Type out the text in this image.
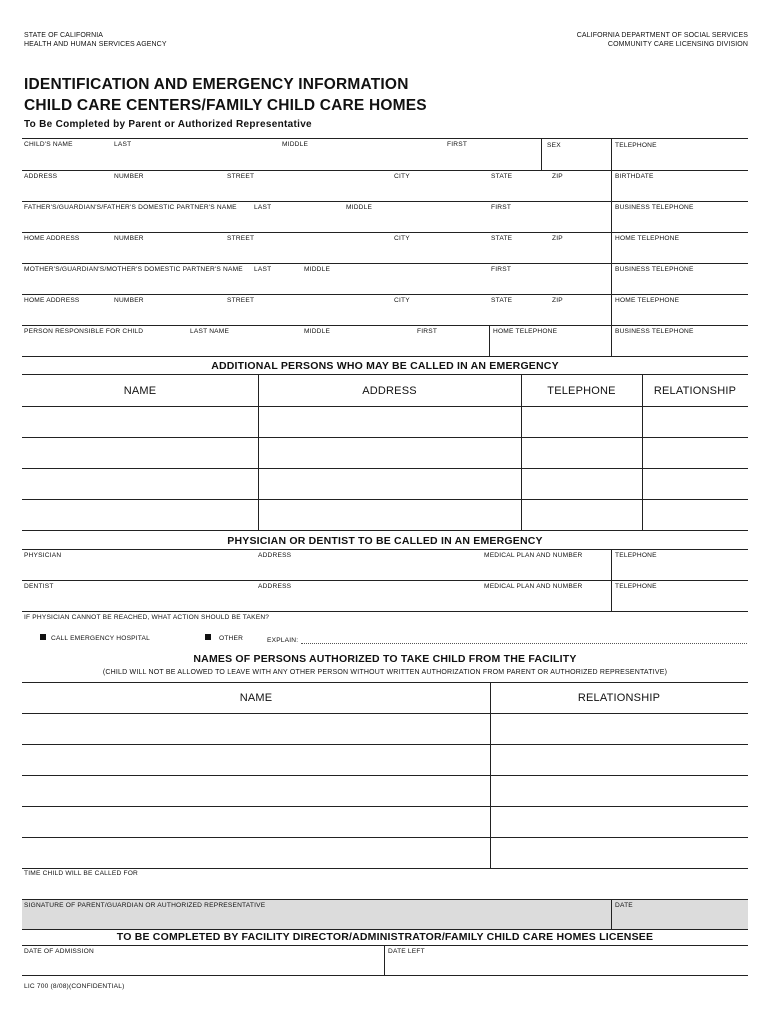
STATE OF CALIFORNIA
HEALTH AND HUMAN SERVICES AGENCY
CALIFORNIA DEPARTMENT OF SOCIAL SERVICES
COMMUNITY CARE LICENSING DIVISION
IDENTIFICATION AND EMERGENCY INFORMATION
CHILD CARE CENTERS/FAMILY CHILD CARE HOMES
To Be Completed by Parent or Authorized Representative
CHILD'S NAME	LAST	MIDDLE	FIRST	SEX	TELEPHONE
ADDRESS	NUMBER	STREET	CITY	STATE	ZIP	BIRTHDATE
FATHER'S/GUARDIAN'S/FATHER'S DOMESTIC PARTNER'S NAME	LAST	MIDDLE	FIRST	BUSINESS TELEPHONE
HOME ADDRESS	NUMBER	STREET	CITY	STATE	ZIP	HOME TELEPHONE
MOTHER'S/GUARDIAN'S/MOTHER'S DOMESTIC PARTNER'S NAME LAST	MIDDLE	FIRST	BUSINESS TELEPHONE
HOME ADDRESS	NUMBER	STREET	CITY	STATE	ZIP	HOME TELEPHONE
PERSON RESPONSIBLE FOR CHILD	LAST NAME	MIDDLE	FIRST	HOME TELEPHONE	BUSINESS TELEPHONE
ADDITIONAL PERSONS WHO MAY BE CALLED IN AN EMERGENCY
NAME	ADDRESS	TELEPHONE	RELATIONSHIP
PHYSICIAN OR DENTIST TO BE CALLED IN AN EMERGENCY
PHYSICIAN	ADDRESS	MEDICAL PLAN AND NUMBER	TELEPHONE
DENTIST	ADDRESS	MEDICAL PLAN AND NUMBER	TELEPHONE
IF PHYSICIAN CANNOT BE REACHED, WHAT ACTION SHOULD BE TAKEN?
CALL EMERGENCY HOSPITAL	OTHER	EXPLAIN:
NAMES OF PERSONS AUTHORIZED TO TAKE CHILD FROM THE FACILITY
(CHILD WILL NOT BE ALLOWED TO LEAVE WITH ANY OTHER PERSON WITHOUT WRITTEN AUTHORIZATION FROM PARENT OR AUTHORIZED REPRESENTATIVE)
NAME	RELATIONSHIP
TIME CHILD WILL BE CALLED FOR
SIGNATURE OF PARENT/GUARDIAN OR AUTHORIZED REPRESENTATIVE	DATE
TO BE COMPLETED BY FACILITY DIRECTOR/ADMINISTRATOR/FAMILY CHILD CARE HOMES LICENSEE
DATE OF ADMISSION	DATE LEFT
LIC 700 (8/08)(CONFIDENTIAL)
